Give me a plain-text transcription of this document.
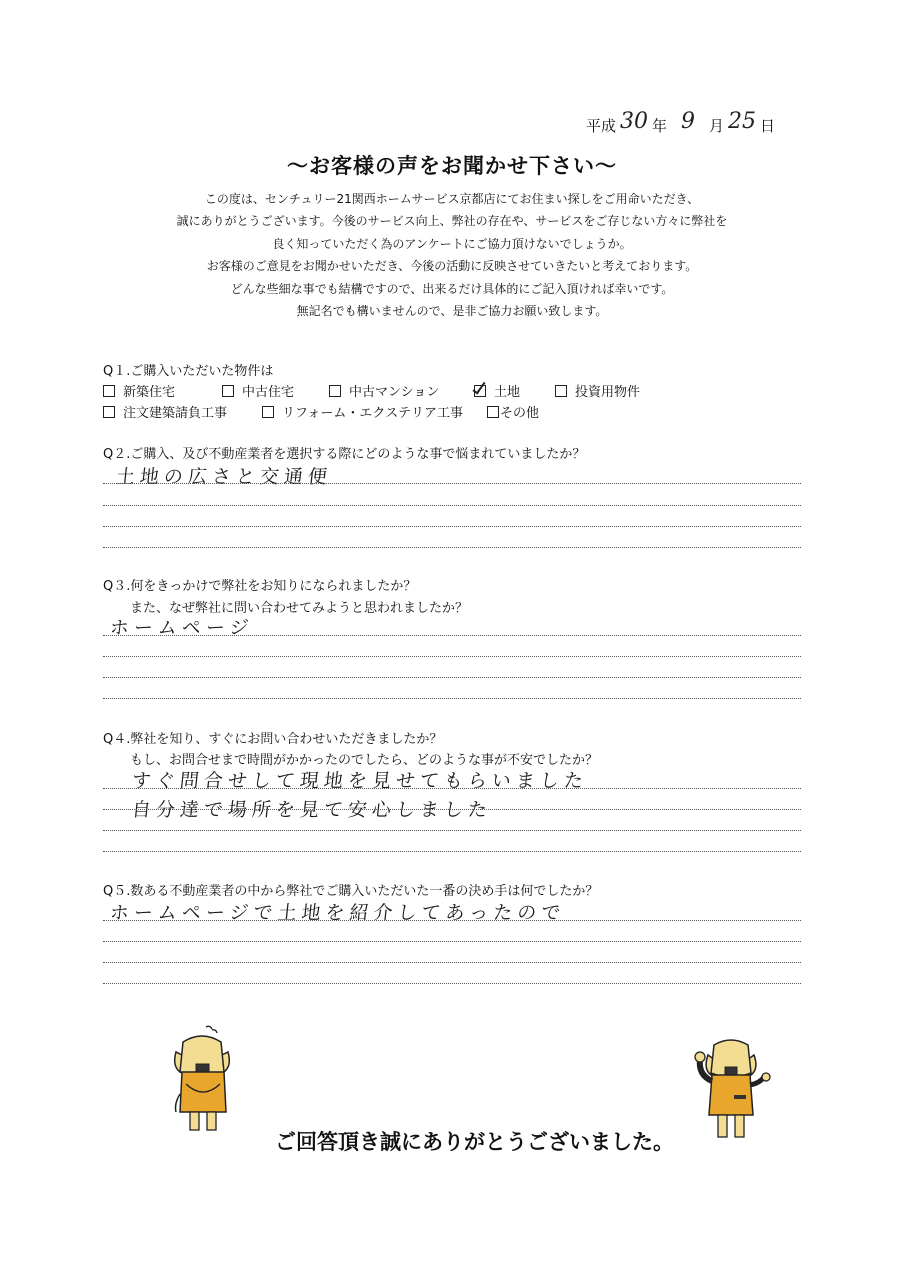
平成 30 年 9 月 25 日
～お客様の声をお聞かせ下さい～
この度は、センチュリー21関西ホームサービス京都店にてお住まい探しをご用命いただき、
誠にありがとうございます。今後のサービス向上、弊社の存在や、サービスをご存じない方々に弊社を
良く知っていただく為のアンケートにご協力頂けないでしょうか。
お客様のご意見をお聞かせいただき、今後の活動に反映させていきたいと考えております。
どんな些細な事でも結構ですので、出来るだけ具体的にご記入頂ければ幸いです。
無記名でも構いませんので、是非ご協力お願い致します。
Q１.ご購入いただいた物件は
新築住宅	中古住宅	中古マンション	土地	投資用物件
注文建築請負工事	リフォーム・エクステリア工事	その他
Q２.ご購入、及び不動産業者を選択する際にどのような事で悩まれていましたか？
土地の広さと交通便
Q３.何をきっかけで弊社をお知りになられましたか？
また、なぜ弊社に問い合わせてみようと思われましたか？
ホームページ
Q４.弊社を知り、すぐにお問い合わせいただきましたか？
もし、お問合せまで時間がかかったのでしたら、どのような事が不安でしたか？
すぐ問合せして現地を見せてもらいました
自分達で場所を見て安心しました
Q５.数ある不動産業者の中から弊社でご購入いただいた一番の決め手は何でしたか？
ホームページで土地を紹介してあったので
ご回答頂き誠にありがとうございました。
